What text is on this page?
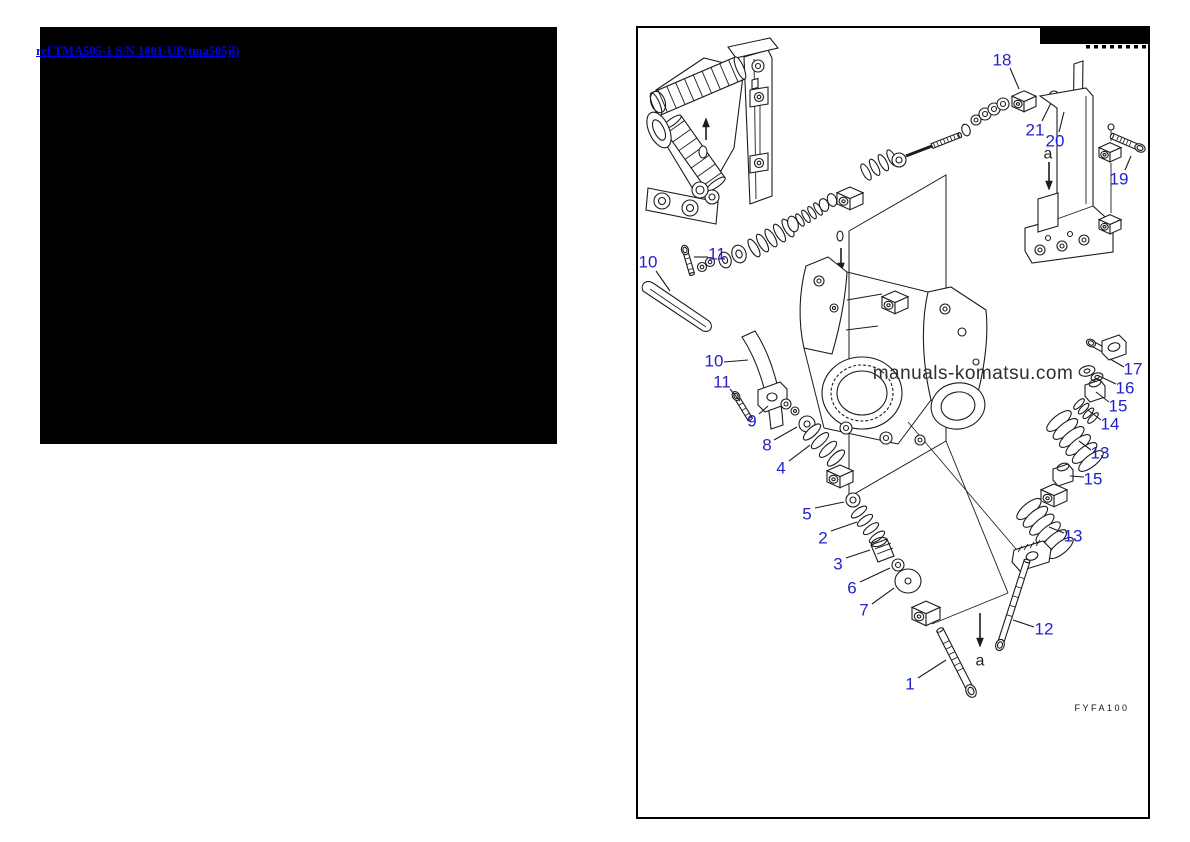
ref TMA505-1 S/N 1001-UP(tma505jl)
manuals-komatsu.com
FYFA100
18
21
20
19
10	11
10
11
9
8
4
5
2
3
6
7
1
12
17
16
15
14
13
15
13
a
a
